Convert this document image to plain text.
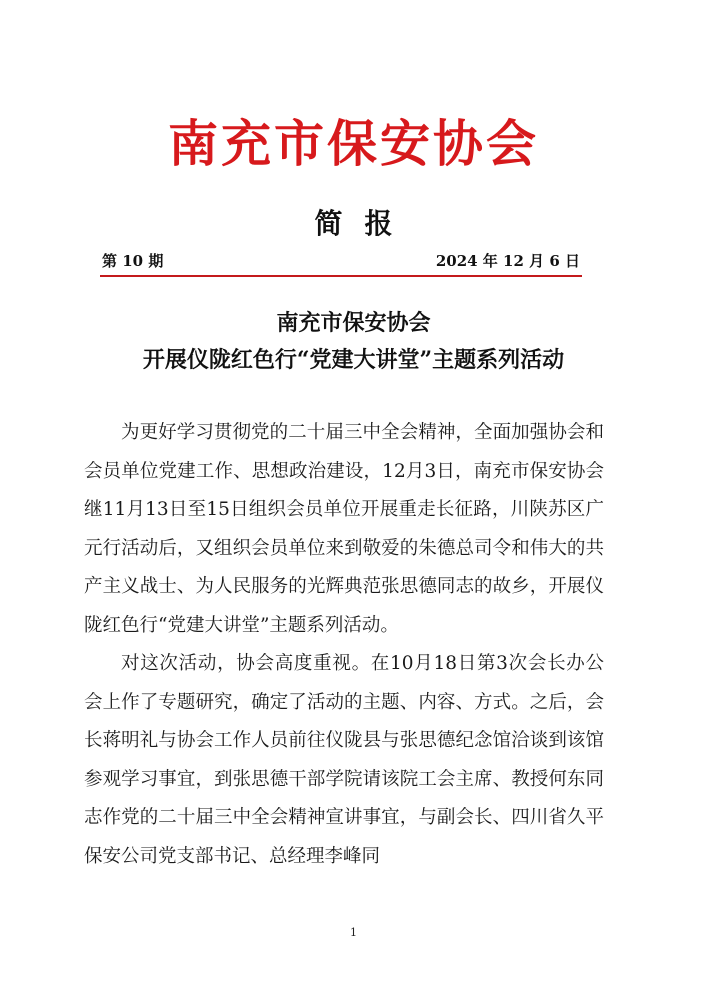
南充市保安协会
简报
第 10 期	2024 年 12 月 6 日
南充市保安协会
开展仪陇红色行“党建大讲堂”主题系列活动

为更好学习贯彻党的二十届三中全会精神，全面加强协会和会员单位党建工作、思想政治建设，12月3日，南充市保安协会继11月13日至15日组织会员单位开展重走长征路，川陕苏区广元行活动后，又组织会员单位来到敬爱的朱德总司令和伟大的共产主义战士、为人民服务的光辉典范张思德同志的故乡，开展仪陇红色行“党建大讲堂”主题系列活动。

对这次活动，协会高度重视。在10月18日第3次会长办公会上作了专题研究，确定了活动的主题、内容、方式。之后，会长蒋明礼与协会工作人员前往仪陇县与张思德纪念馆洽谈到该馆参观学习事宜，到张思德干部学院请该院工会主席、教授何东同志作党的二十届三中全会精神宣讲事宜，与副会长、四川省久平保安公司党支部书记、总经理李峰同

1
